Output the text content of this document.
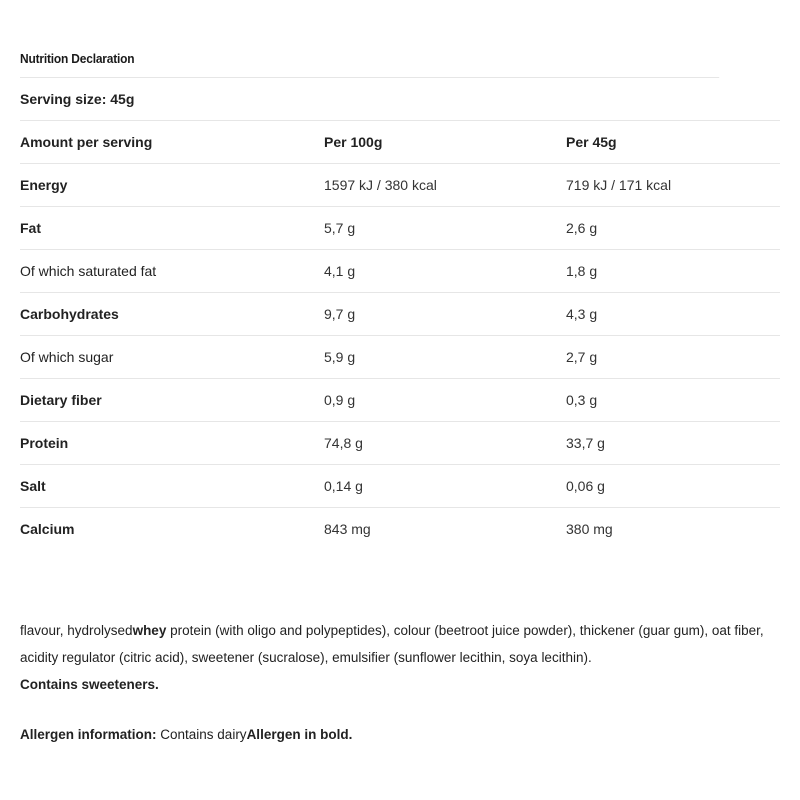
Nutrition Declaration
Serving size: 45g
Amount per serving	Per 100g	Per 45g
Energy	1597 kJ / 380 kcal	719 kJ / 171 kcal
Fat	5,7 g	2,6 g
Of which saturated fat	4,1 g	1,8 g
Carbohydrates	9,7 g	4,3 g
Of which sugar	5,9 g	2,7 g
Dietary fiber	0,9 g	0,3 g
Protein	74,8 g	33,7 g
Salt	0,14 g	0,06 g
Calcium	843 mg	380 mg

flavour, hydrolysedwhey protein (with oligo and polypeptides), colour (beetroot juice powder), thickener (guar gum), oat fiber, acidity regulator (citric acid), sweetener (sucralose), emulsifier (sunflower lecithin, soya lecithin).

Contains sweeteners.

Allergen information: Contains dairyAllergen in bold.
